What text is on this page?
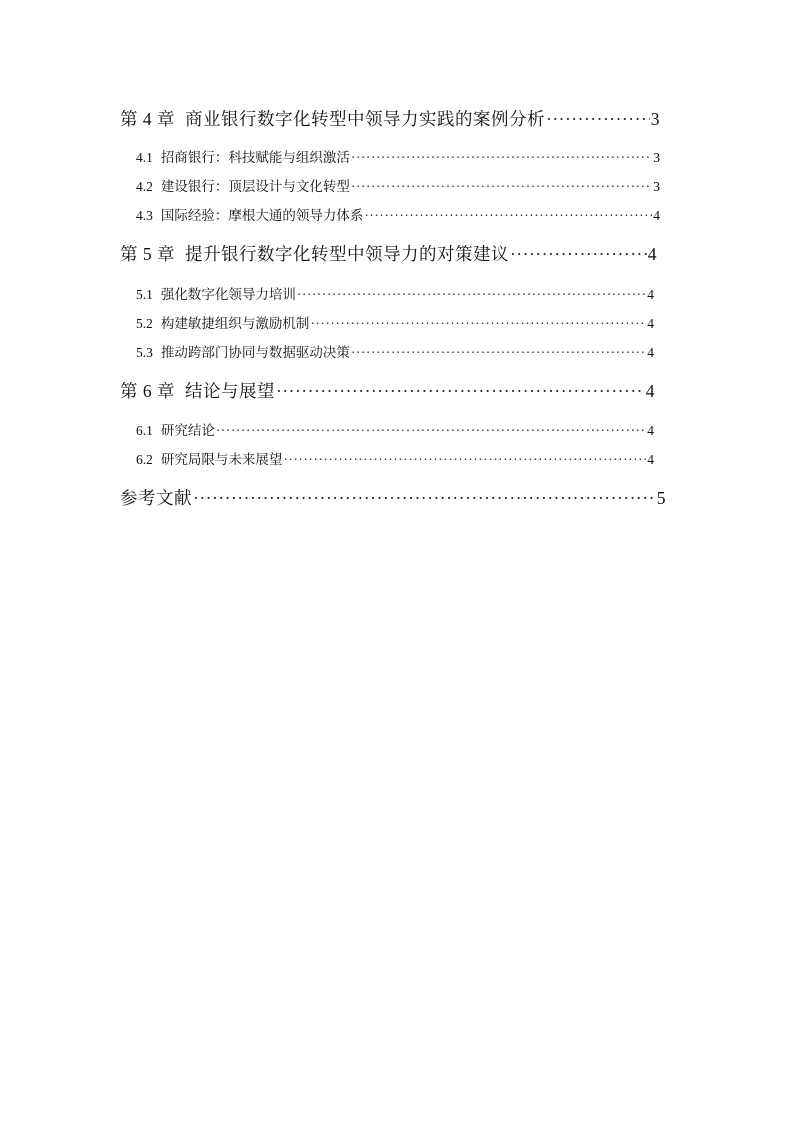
第 4 章 商业银行数字化转型中领导力实践的案例分析 ·····	3
4.1 招商银行：科技赋能与组织激活 ·····	3
4.2 建设银行：顶层设计与文化转型 ·····	3
4.3 国际经验：摩根大通的领导力体系 ·····	4
第 5 章 提升银行数字化转型中领导力的对策建议 ·····	4
5.1 强化数字化领导力培训 ·····	4
5.2 构建敏捷组织与激励机制 ·····	4
5.3 推动跨部门协同与数据驱动决策 ·····	4
第 6 章 结论与展望 ·····	4
6.1 研究结论 ·····	4
6.2 研究局限与未来展望 ·····	4
参考文献 ·····	5
